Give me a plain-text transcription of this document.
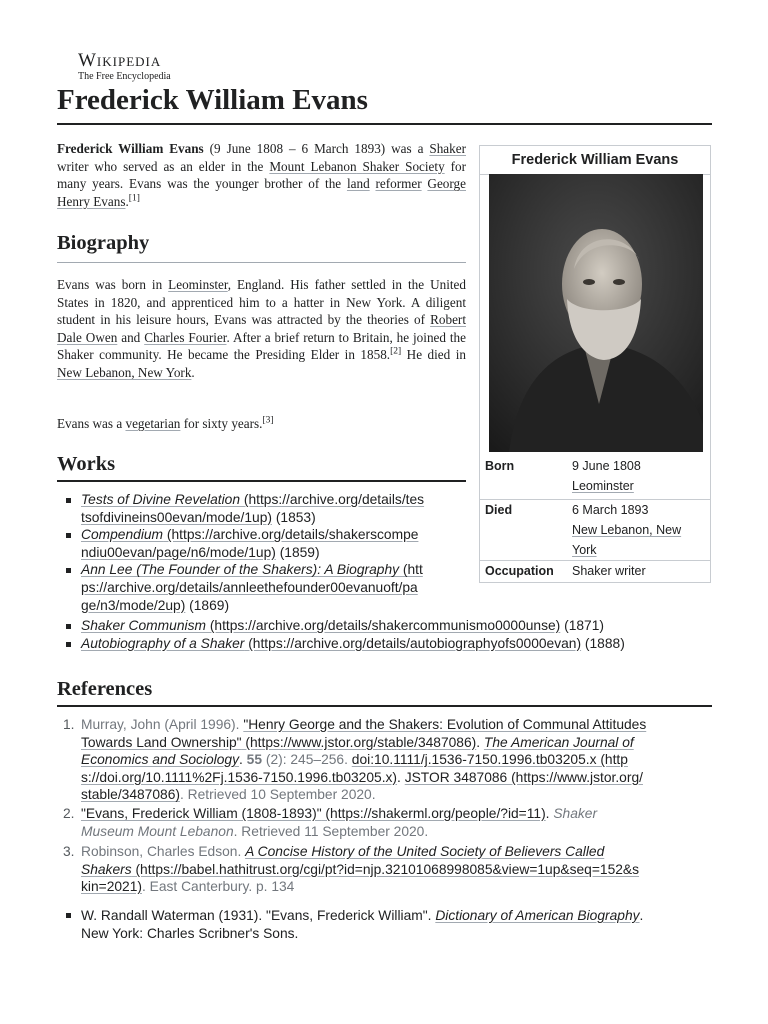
Wikipedia
The Free Encyclopedia
Frederick William Evans

Frederick William Evans (9 June 1808 – 6 March 1893) was a Shaker writer who served as an elder in the Mount Lebanon Shaker Society for many years. Evans was the younger brother of the land reformer George Henry Evans.[1]

Biography

Evans was born in Leominster, England. His father settled in the United States in 1820, and apprenticed him to a hatter in New York. A diligent student in his leisure hours, Evans was attracted by the theories of Robert Dale Owen and Charles Fourier. After a brief return to Britain, he joined the Shaker community. He became the Presiding Elder in 1858.[2] He died in New Lebanon, New York.

Evans was a vegetarian for sixty years.[3]

Frederick William Evans
Born	9 June 1808
Leominster
Died	6 March 1893
New Lebanon, New
York
Occupation Shaker writer
Works
Tests of Divine Revelation (https://archive.org/details/tes
tsofdivineins00evan/mode/1up) (1853)
Compendium (https://archive.org/details/shakerscompe
ndiu00evan/page/n6/mode/1up) (1859)
Ann Lee (The Founder of the Shakers): A Biography (htt
ps://archive.org/details/annleethefounder00evanuoft/pa
ge/n3/mode/2up) (1869)
Shaker Communism (https://archive.org/details/shakercommunismo0000unse) (1871)
Autobiography of a Shaker (https://archive.org/details/autobiographyofs0000evan) (1888)
References
1. Murray, John (April 1996). "Henry George and the Shakers: Evolution of Communal Attitudes
Towards Land Ownership" (https://www.jstor.org/stable/3487086). The American Journal of
Economics and Sociology. 55 (2): 245–256. doi:10.1111/j.1536-7150.1996.tb03205.x (http
s://doi.org/10.1111%2Fj.1536-7150.1996.tb03205.x). JSTOR 3487086 (https://www.jstor.org/
stable/3487086). Retrieved 10 September 2020.
2. "Evans, Frederick William (1808-1893)" (https://shakerml.org/people/?id=11). Shaker
Museum Mount Lebanon. Retrieved 11 September 2020.
3. Robinson, Charles Edson. A Concise History of the United Society of Believers Called
Shakers (https://babel.hathitrust.org/cgi/pt?id=njp.32101068998085&view=1up&seq=152&s
kin=2021). East Canterbury. p. 134
W. Randall Waterman (1931). "Evans, Frederick William". Dictionary of American Biography.
New York: Charles Scribner's Sons.
